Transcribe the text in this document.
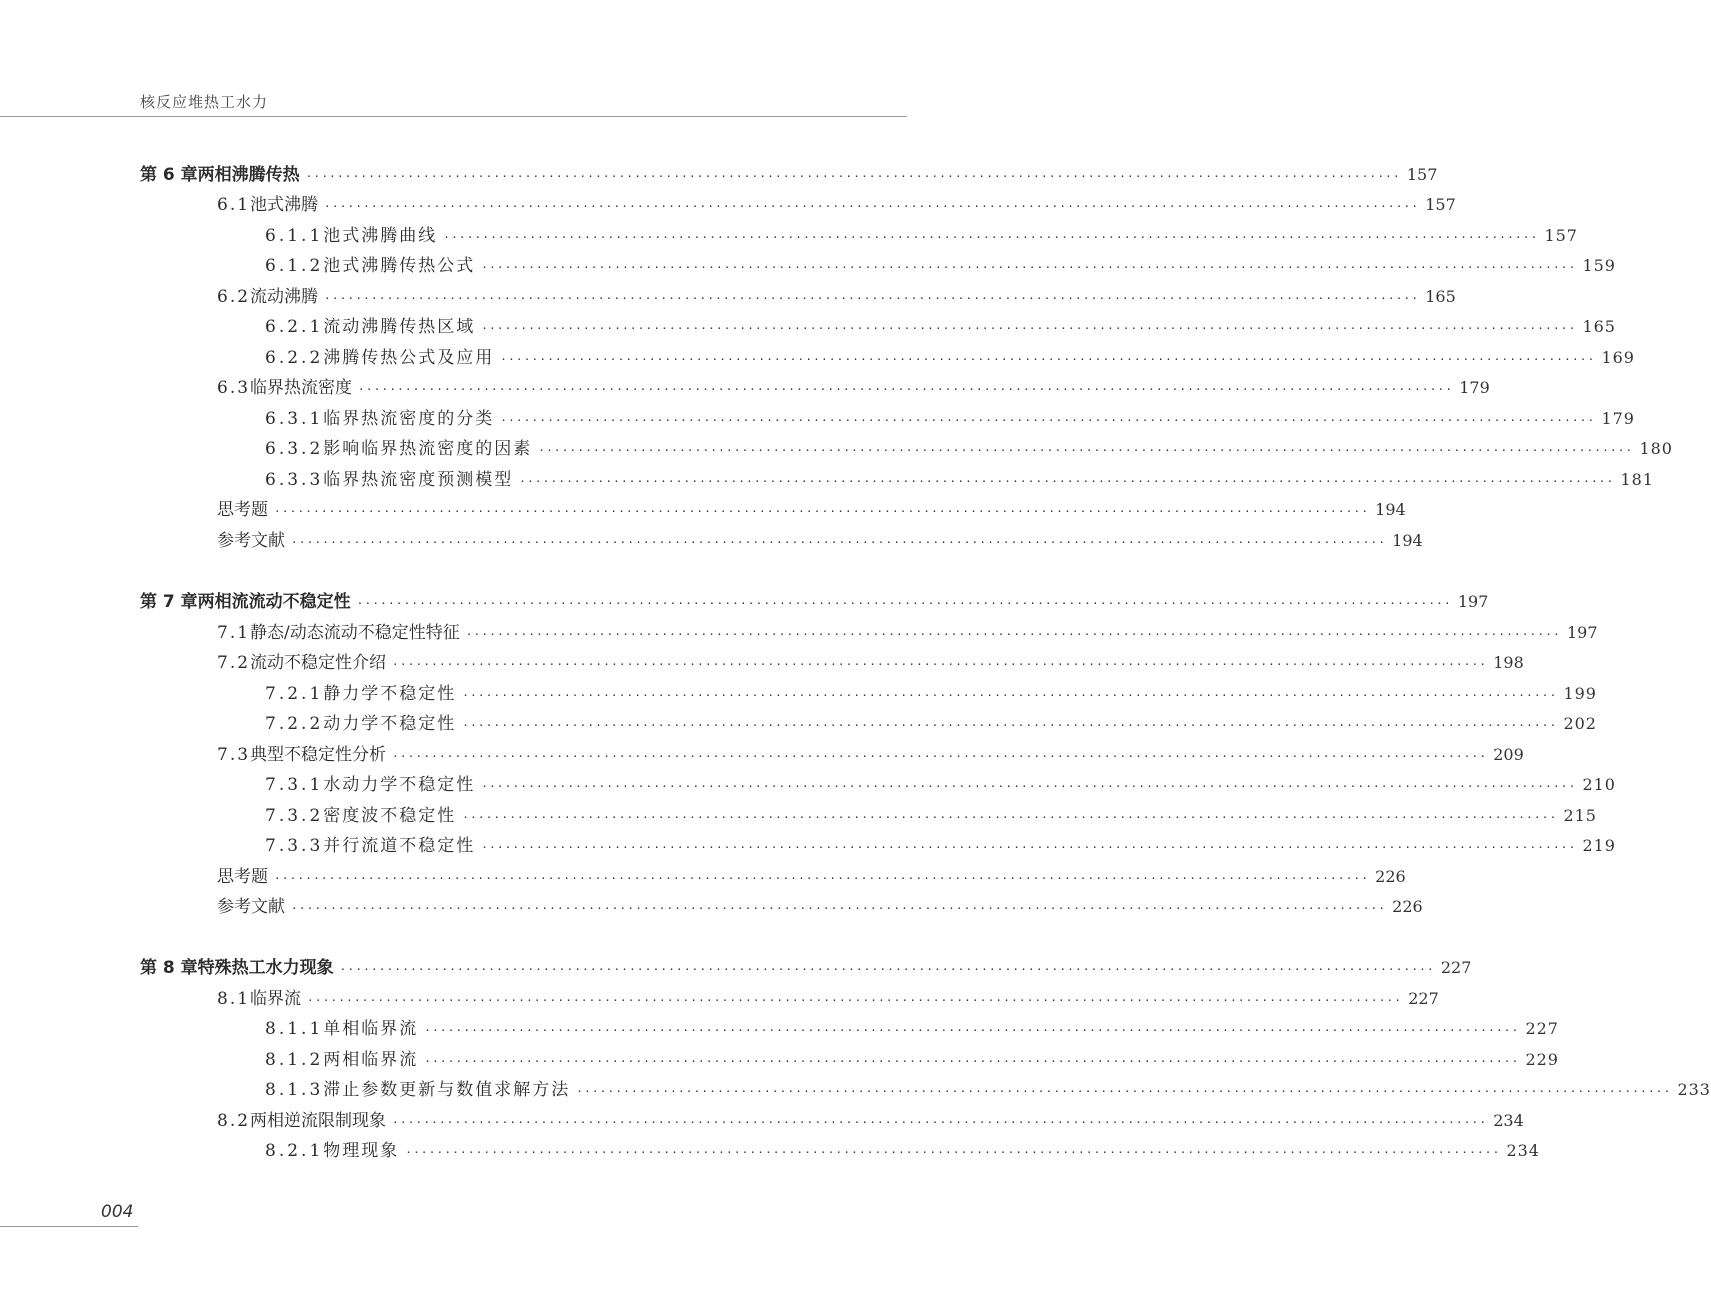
核反应堆热工水力
第 6 章 两相沸腾传热 ············································································································································ 157
6.1 池式沸腾 ············································································································································ 157
6.1.1 池式沸腾曲线 ············································································································································ 157
6.1.2 池式沸腾传热公式 ············································································································································ 159
6.2 流动沸腾 ············································································································································ 165
6.2.1 流动沸腾传热区域 ············································································································································ 165
6.2.2 沸腾传热公式及应用 ············································································································································ 169
6.3 临界热流密度 ············································································································································ 179
6.3.1 临界热流密度的分类 ············································································································································ 179
6.3.2 影响临界热流密度的因素 ············································································································································ 180
6.3.3 临界热流密度预测模型 ············································································································································ 181
思考题 ············································································································································ 194
参考文献 ············································································································································ 194
第 7 章 两相流流动不稳定性 ············································································································································ 197
7.1 静态/动态流动不稳定性特征 ············································································································································ 197
7.2 流动不稳定性介绍 ············································································································································ 198
7.2.1 静力学不稳定性 ············································································································································ 199
7.2.2 动力学不稳定性 ············································································································································ 202
7.3 典型不稳定性分析 ············································································································································ 209
7.3.1 水动力学不稳定性 ············································································································································ 210
7.3.2 密度波不稳定性 ············································································································································ 215
7.3.3 并行流道不稳定性 ············································································································································ 219
思考题 ············································································································································ 226
参考文献 ············································································································································ 226
第 8 章 特殊热工水力现象 ············································································································································ 227
8.1 临界流 ············································································································································ 227
8.1.1 单相临界流 ············································································································································ 227
8.1.2 两相临界流 ············································································································································ 229
8.1.3 滞止参数更新与数值求解方法 ············································································································································ 233
8.2 两相逆流限制现象 ············································································································································ 234
8.2.1 物理现象 ············································································································································ 234
004
